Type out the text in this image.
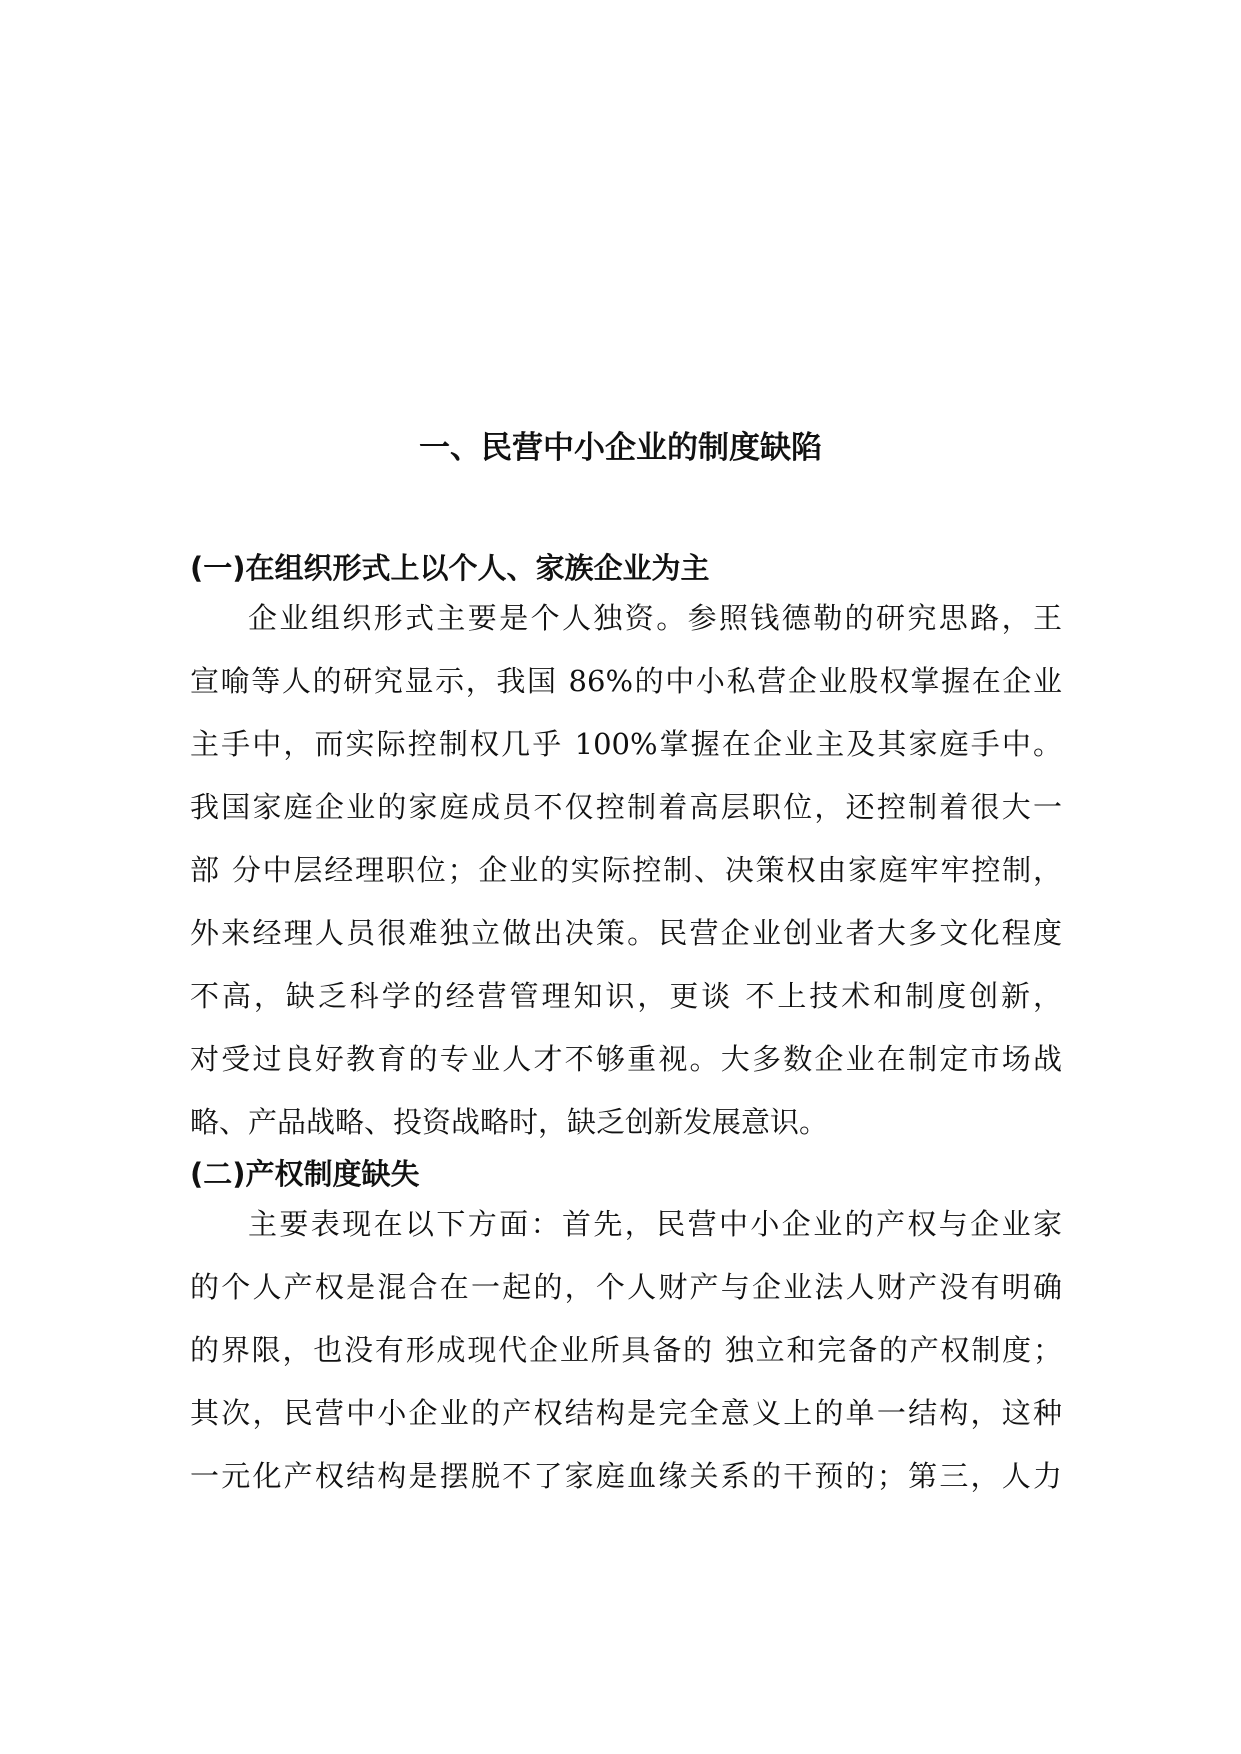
一、民营中小企业的制度缺陷
(一)在组织形式上以个人、家族企业为主
企业组织形式主要是个人独资。参照钱德勒的研究思路，王
宣喻等人的研究显示，我国 86%的中小私营企业股权掌握在企业
主手中，而实际控制权几乎 100%掌握在企业主及其家庭手中。
我国家庭企业的家庭成员不仅控制着高层职位，还控制着很大一
部 分中层经理职位；企业的实际控制、决策权由家庭牢牢控制，
外来经理人员很难独立做出决策。民营企业创业者大多文化程度
不高，缺乏科学的经营管理知识，更谈 不上技术和制度创新，
对受过良好教育的专业人才不够重视。大多数企业在制定市场战
略、产品战略、投资战略时，缺乏创新发展意识。
(二)产权制度缺失
主要表现在以下方面：首先，民营中小企业的产权与企业家
的个人产权是混合在一起的，个人财产与企业法人财产没有明确
的界限，也没有形成现代企业所具备的 独立和完备的产权制度；
其次，民营中小企业的产权结构是完全意义上的单一结构，这种
一元化产权结构是摆脱不了家庭血缘关系的干预的；第三，人力
